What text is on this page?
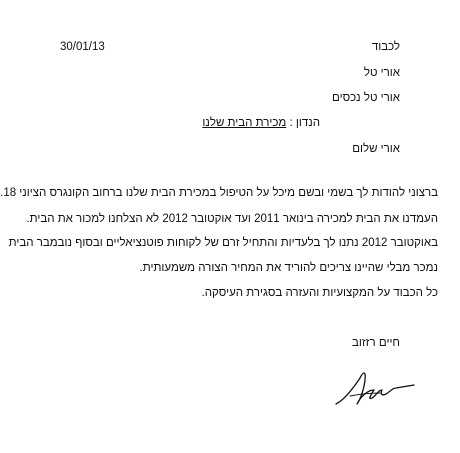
30/01/13	לכבוד
אורי טל
אורי טל נכסים
הנדון : מכירת הבית שלנו
אורי שלום
ברצוני להודות לך בשמי ובשם מיכל על הטיפול במכירת הבית שלנו ברחוב הקונגרס הציוני 18.
העמדנו את הבית למכירה בינואר 2011 ועד אוקטובר 2012 לא הצלחנו למכור את הבית.
באוקטובר 2012 נתנו לך בלעדיות והתחיל זרם של לקוחות פוטנציאליים ובסוף נובמבר הבית
נמכר מבלי שהיינו צריכים להוריד את המחיר הצורה משמעותית.
כל הכבוד על המקצועיות והעזרה בסגירת העיסקה.
חיים רזזוב
